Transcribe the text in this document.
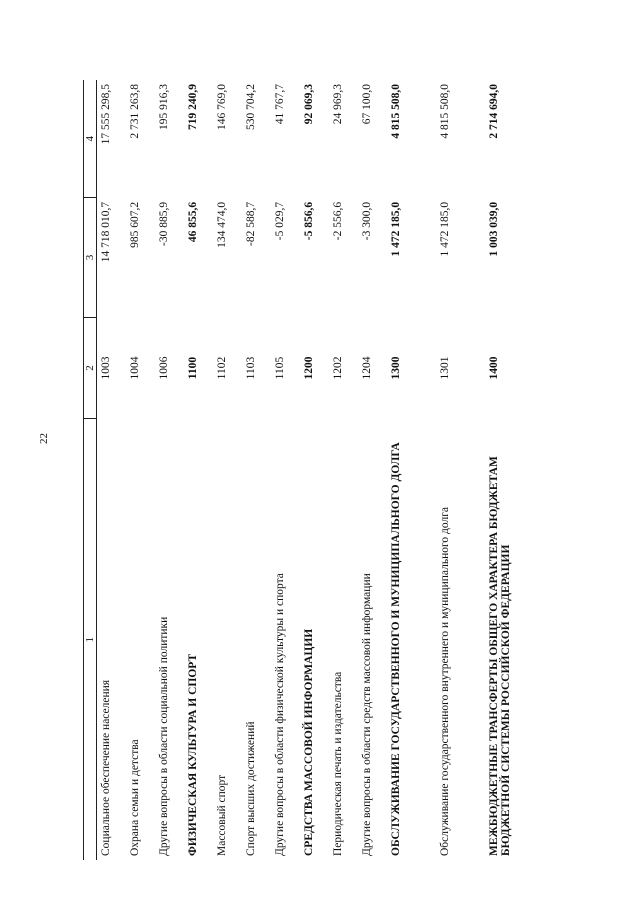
22
1	2	3	4
Социальное обеспечение населения	1003	14 718 010,7	17 555 298,5
Охрана семьи и детства	1004	985 607,2	2 731 263,8
Другие вопросы в области социальной политики	1006	-30 885,9	195 916,3
ФИЗИЧЕСКАЯ КУЛЬТУРА И СПОРТ	1100	46 855,6	719 240,9
Массовый спорт	1102	134 474,0	146 769,0
Спорт высших достижений	1103	-82 588,7	530 704,2
Другие вопросы в области физической культуры и спорта	1105	-5 029,7	41 767,7
СРЕДСТВА МАССОВОЙ ИНФОРМАЦИИ	1200	-5 856,6	92 069,3
Периодическая печать и издательства	1202	-2 556,6	24 969,3
Другие вопросы в области средств массовой информации	1204	-3 300,0	67 100,0
ОБСЛУЖИВАНИЕ ГОСУДАРСТВЕННОГО И МУНИЦИПАЛЬНОГО ДОЛГА	1300	1 472 185,0	4 815 508,0
Обслуживание государственного внутреннего и муниципального долга	1301	1 472 185,0	4 815 508,0
МЕЖБЮДЖЕТНЫЕ ТРАНСФЕРТЫ ОБЩЕГО ХАРАКТЕРА БЮДЖЕТАМ БЮДЖЕТНОЙ СИСТЕМЫ РОССИЙСКОЙ ФЕДЕРАЦИИ	1400	1 003 039,0	2 714 694,0
